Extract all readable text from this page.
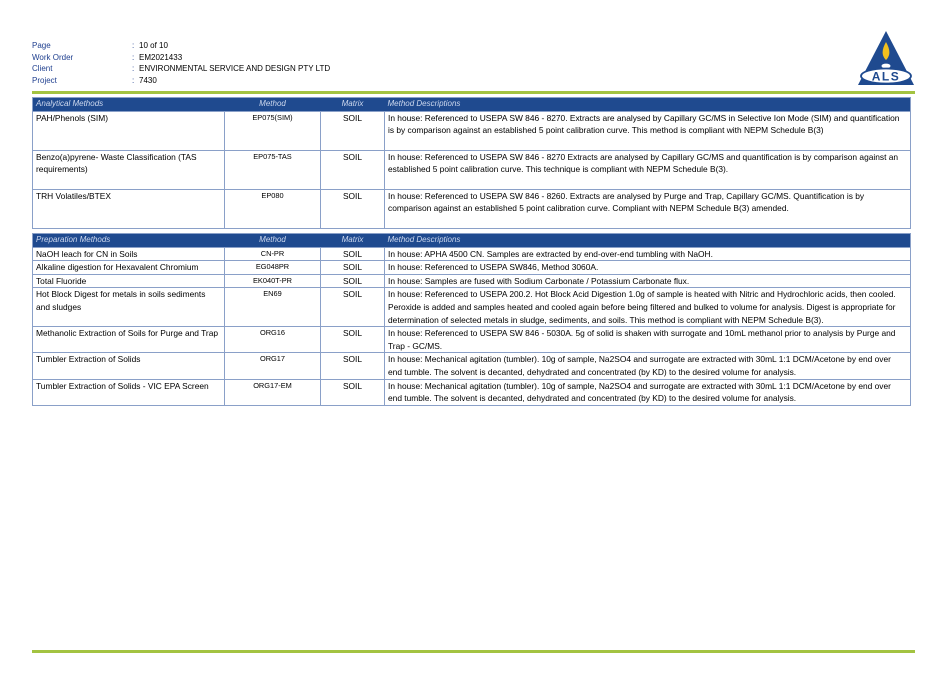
Page	: 10 of 10
Work Order	: EM2021433
Client	: ENVIRONMENTAL SERVICE AND DESIGN PTY LTD
Project	: 7430	ALS
Analytical Methods	Method	Matrix	Method Descriptions
PAH/Phenols (SIM)	EP075(SIM)	SOIL	In house: Referenced to USEPA SW 846 - 8270. Extracts are analysed by Capillary GC/MS in Selective Ion Mode (SIM) and quantification is by comparison against an established 5 point calibration curve. This method is compliant with NEPM Schedule B(3)
Benzo(a)pyrene- Waste Classification (TAS requirements)	EP075-TAS	SOIL	In house: Referenced to USEPA SW 846 - 8270 Extracts are analysed by Capillary GC/MS and quantification is by comparison against an established 5 point calibration curve. This technique is compliant with NEPM Schedule B(3).
TRH Volatiles/BTEX	EP080	SOIL	In house: Referenced to USEPA SW 846 - 8260. Extracts are analysed by Purge and Trap, Capillary GC/MS. Quantification is by comparison against an established 5 point calibration curve. Compliant with NEPM Schedule B(3) amended.
Preparation Methods	Method	Matrix	Method Descriptions
NaOH leach for CN in Soils	CN-PR	SOIL	In house: APHA 4500 CN. Samples are extracted by end-over-end tumbling with NaOH.
Alkaline digestion for Hexavalent Chromium	EG048PR	SOIL	In house: Referenced to USEPA SW846, Method 3060A.
Total Fluoride	EK040T-PR	SOIL	In house: Samples are fused with Sodium Carbonate / Potassium Carbonate flux.
Hot Block Digest for metals in soils sediments and sludges	EN69	SOIL	In house: Referenced to USEPA 200.2. Hot Block Acid Digestion 1.0g of sample is heated with Nitric and Hydrochloric acids, then cooled. Peroxide is added and samples heated and cooled again before being filtered and bulked to volume for analysis. Digest is appropriate for determination of selected metals in sludge, sediments, and soils. This method is compliant with NEPM Schedule B(3).
Methanolic Extraction of Soils for Purge and Trap	ORG16	SOIL	In house: Referenced to USEPA SW 846 - 5030A. 5g of solid is shaken with surrogate and 10mL methanol prior to analysis by Purge and Trap - GC/MS.
Tumbler Extraction of Solids	ORG17	SOIL	In house: Mechanical agitation (tumbler). 10g of sample, Na2SO4 and surrogate are extracted with 30mL 1:1 DCM/Acetone by end over end tumble. The solvent is decanted, dehydrated and concentrated (by KD) to the desired volume for analysis.
Tumbler Extraction of Solids - VIC EPA Screen	ORG17-EM	SOIL	In house: Mechanical agitation (tumbler). 10g of sample, Na2SO4 and surrogate are extracted with 30mL 1:1 DCM/Acetone by end over end tumble. The solvent is decanted, dehydrated and concentrated (by KD) to the desired volume for analysis.
